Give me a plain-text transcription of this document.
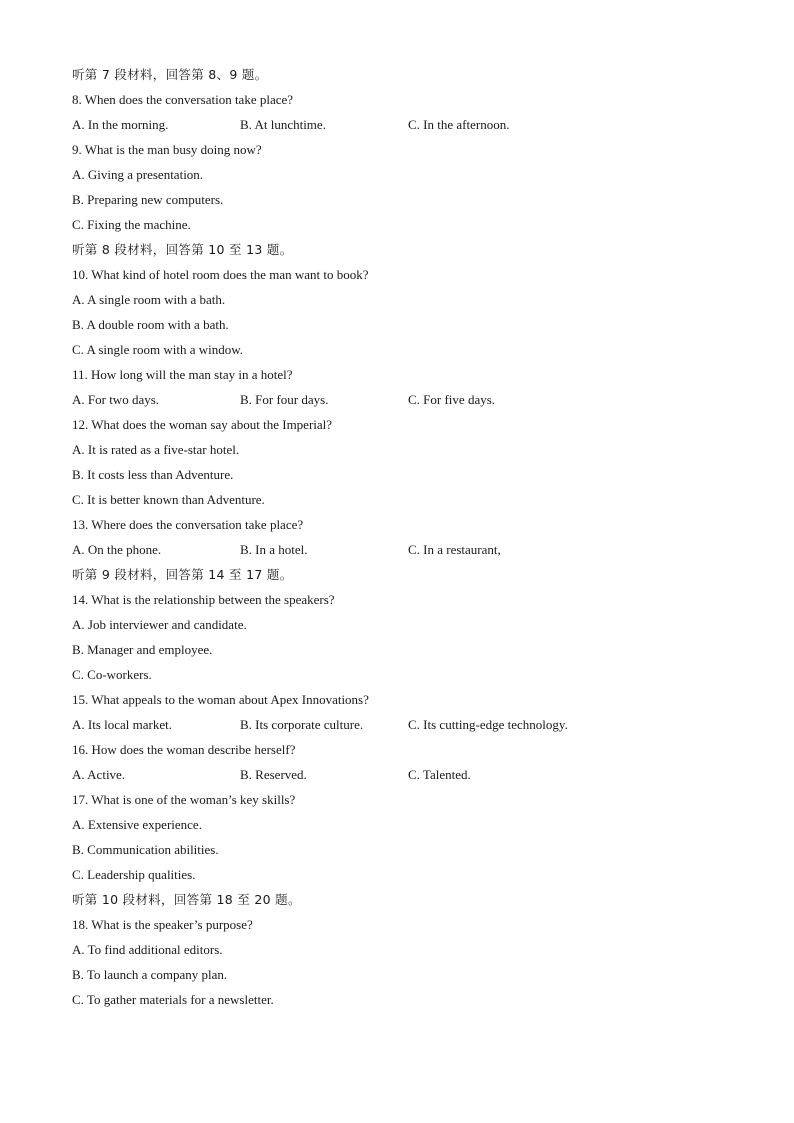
听第 7 段材料，回答第 8、9 题。
8. When does the conversation take place?
A. In the morning.	B. At lunchtime.	C. In the afternoon.
9. What is the man busy doing now?
A. Giving a presentation.
B. Preparing new computers.
C. Fixing the machine.
听第 8 段材料，回答第 10 至 13 题。
10. What kind of hotel room does the man want to book?
A. A single room with a bath.
B. A double room with a bath.
C. A single room with a window.
11. How long will the man stay in a hotel?
A. For two days.	B. For four days.	C. For five days.
12. What does the woman say about the Imperial?
A. It is rated as a five-star hotel.
B. It costs less than Adventure.
C. It is better known than Adventure.
13. Where does the conversation take place?
A. On the phone.	B. In a hotel.	C. In a restaurant,
听第 9 段材料，回答第 14 至 17 题。
14. What is the relationship between the speakers?
A. Job interviewer and candidate.
B. Manager and employee.
C. Co-workers.
15. What appeals to the woman about Apex Innovations?
A. Its local market.	B. Its corporate culture.	C. Its cutting-edge technology.
16. How does the woman describe herself?
A. Active.	B. Reserved.	C. Talented.
17. What is one of the woman’s key skills?
A. Extensive experience.
B. Communication abilities.
C. Leadership qualities.
听第 10 段材料，回答第 18 至 20 题。
18. What is the speaker’s purpose?
A. To find additional editors.
B. To launch a company plan.
C. To gather materials for a newsletter.
